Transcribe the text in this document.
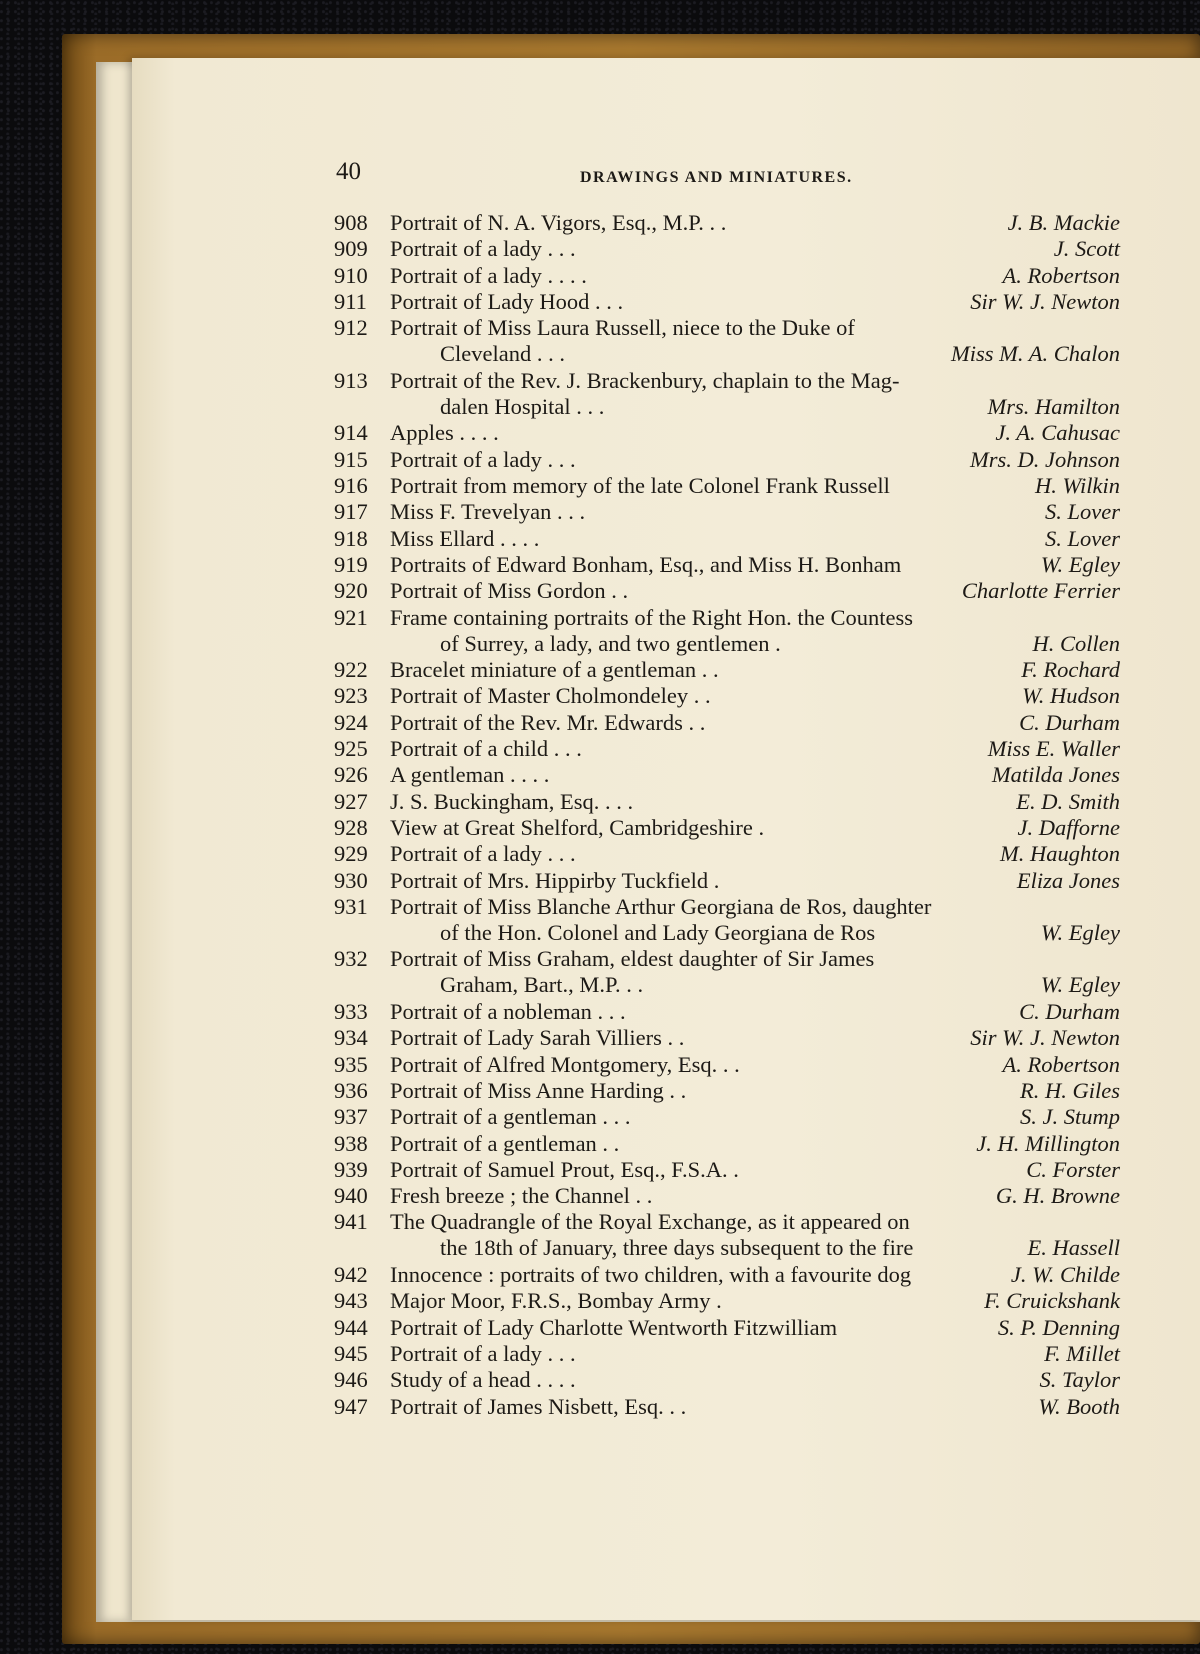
40	DRAWINGS AND MINIATURES.
908 Portrait of N. A. Vigors, Esq., M.P. . .	J. B. Mackie
909 Portrait of a lady . . .	J. Scott
910 Portrait of a lady . . . .	A. Robertson
911 Portrait of Lady Hood . . .	Sir W. J. Newton
912 Portrait of Miss Laura Russell, niece to the Duke of
Cleveland . . .	Miss M. A. Chalon
913 Portrait of the Rev. J. Brackenbury, chaplain to the Mag-
dalen Hospital . . .	Mrs. Hamilton
914 Apples . . . .	J. A. Cahusac
915 Portrait of a lady . . .	Mrs. D. Johnson
916 Portrait from memory of the late Colonel Frank Russell	H. Wilkin
917 Miss F. Trevelyan . . .	S. Lover
918 Miss Ellard . . . .	S. Lover
919 Portraits of Edward Bonham, Esq., and Miss H. Bonham	W. Egley
920 Portrait of Miss Gordon . .	Charlotte Ferrier
921 Frame containing portraits of the Right Hon. the Countess
of Surrey, a lady, and two gentlemen .	H. Collen
922 Bracelet miniature of a gentleman . .	F. Rochard
923 Portrait of Master Cholmondeley . .	W. Hudson
924 Portrait of the Rev. Mr. Edwards . .	C. Durham
925 Portrait of a child . . .	Miss E. Waller
926 A gentleman . . . .	Matilda Jones
927 J. S. Buckingham, Esq. . . .	E. D. Smith
928 View at Great Shelford, Cambridgeshire .	J. Dafforne
929 Portrait of a lady . . .	M. Haughton
930 Portrait of Mrs. Hippirby Tuckfield .	Eliza Jones
931 Portrait of Miss Blanche Arthur Georgiana de Ros, daughter
of the Hon. Colonel and Lady Georgiana de Ros	W. Egley
932 Portrait of Miss Graham, eldest daughter of Sir James
Graham, Bart., M.P. . .	W. Egley
933 Portrait of a nobleman . . .	C. Durham
934 Portrait of Lady Sarah Villiers . .	Sir W. J. Newton
935 Portrait of Alfred Montgomery, Esq. . .	A. Robertson
936 Portrait of Miss Anne Harding . .	R. H. Giles
937 Portrait of a gentleman . . .	S. J. Stump
938 Portrait of a gentleman . .	J. H. Millington
939 Portrait of Samuel Prout, Esq., F.S.A. .	C. Forster
940 Fresh breeze ; the Channel . .	G. H. Browne
941 The Quadrangle of the Royal Exchange, as it appeared on
the 18th of January, three days subsequent to the fire	E. Hassell
942 Innocence : portraits of two children, with a favourite dog	J. W. Childe
943 Major Moor, F.R.S., Bombay Army .	F. Cruickshank
944 Portrait of Lady Charlotte Wentworth Fitzwilliam	S. P. Denning
945 Portrait of a lady . . .	F. Millet
946 Study of a head . . . .	S. Taylor
947 Portrait of James Nisbett, Esq. . .	W. Booth
